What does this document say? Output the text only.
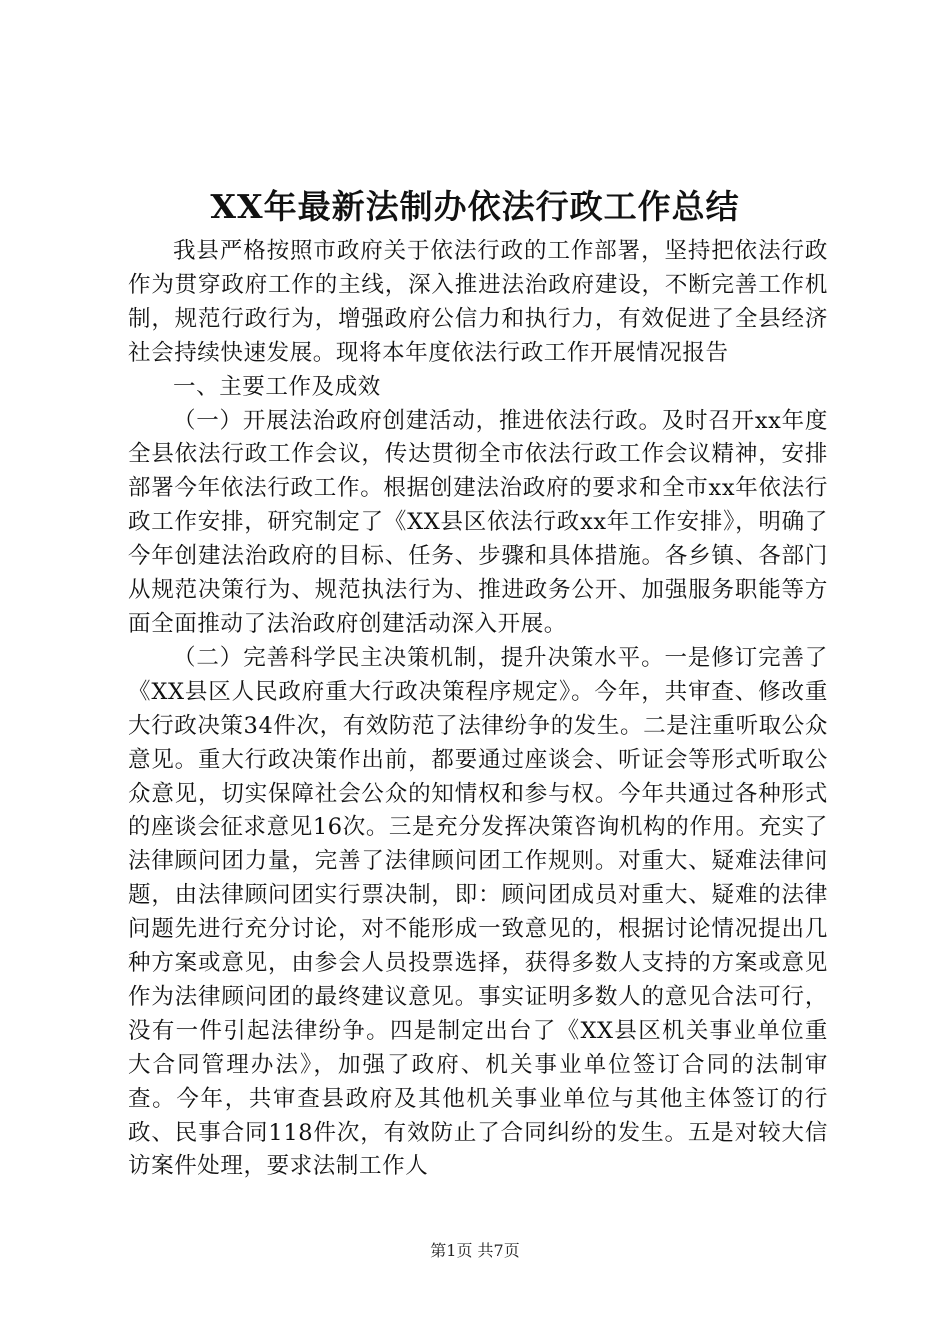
XX年最新法制办依法行政工作总结

我县严格按照市政府关于依法行政的工作部署，坚持把依法行政作为贯穿政府工作的主线，深入推进法治政府建设，不断完善工作机制，规范行政行为，增强政府公信力和执行力，有效促进了全县经济社会持续快速发展。现将本年度依法行政工作开展情况报告

一、主要工作及成效

（一）开展法治政府创建活动，推进依法行政。及时召开xx年度全县依法行政工作会议，传达贯彻全市依法行政工作会议精神，安排部署今年依法行政工作。根据创建法治政府的要求和全市xx年依法行政工作安排，研究制定了《XX县区依法行政xx年工作安排》，明确了今年创建法治政府的目标、任务、步骤和具体措施。各乡镇、各部门从规范决策行为、规范执法行为、推进政务公开、加强服务职能等方面全面推动了法治政府创建活动深入开展。

（二）完善科学民主决策机制，提升决策水平。一是修订完善了《XX县区人民政府重大行政决策程序规定》。今年，共审查、修改重大行政决策34件次，有效防范了法律纷争的发生。二是注重听取公众意见。重大行政决策作出前，都要通过座谈会、听证会等形式听取公众意见，切实保障社会公众的知情权和参与权。今年共通过各种形式的座谈会征求意见16次。三是充分发挥决策咨询机构的作用。充实了法律顾问团力量，完善了法律顾问团工作规则。对重大、疑难法律问题，由法律顾问团实行票决制，即：顾问团成员对重大、疑难的法律问题先进行充分讨论，对不能形成一致意见的，根据讨论情况提出几种方案或意见，由参会人员投票选择，获得多数人支持的方案或意见作为法律顾问团的最终建议意见。事实证明多数人的意见合法可行，没有一件引起法律纷争。四是制定出台了《XX县区机关事业单位重大合同管理办法》，加强了政府、机关事业单位签订合同的法制审查。今年，共审查县政府及其他机关事业单位与其他主体签订的行政、民事合同118件次，有效防止了合同纠纷的发生。五是对较大信访案件处理，要求法制工作人

第1页 共7页
